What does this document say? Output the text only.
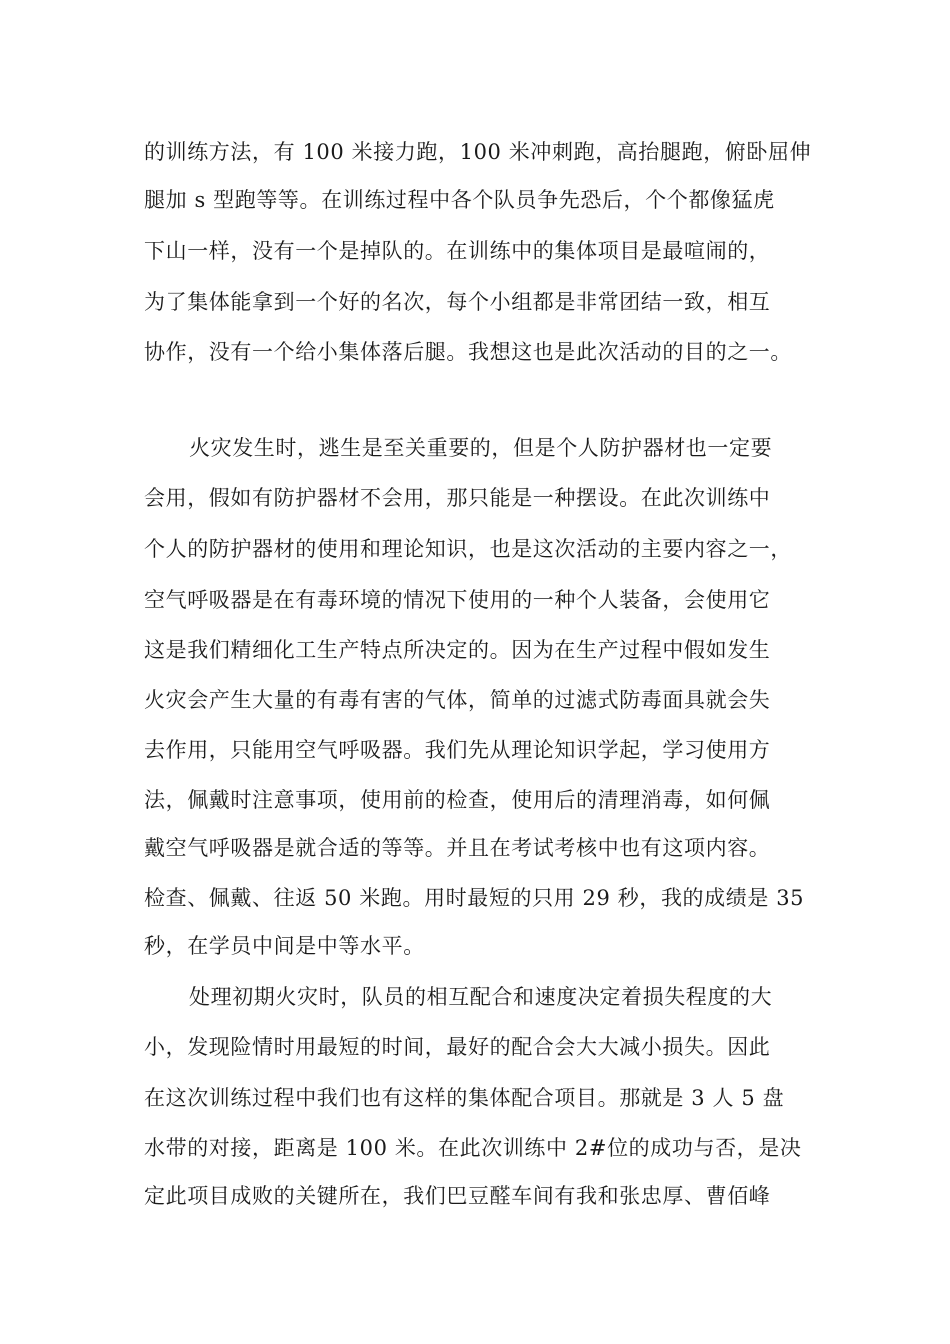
的训练方法，有 100 米接力跑，100 米冲刺跑，高抬腿跑，俯卧屈伸
腿加 s 型跑等等。在训练过程中各个队员争先恐后，个个都像猛虎
下山一样，没有一个是掉队的。在训练中的集体项目是最喧闹的，
为了集体能拿到一个好的名次，每个小组都是非常团结一致，相互
协作，没有一个给小集体落后腿。我想这也是此次活动的目的之一。
火灾发生时，逃生是至关重要的，但是个人防护器材也一定要
会用，假如有防护器材不会用，那只能是一种摆设。在此次训练中
个人的防护器材的使用和理论知识，也是这次活动的主要内容之一，
空气呼吸器是在有毒环境的情况下使用的一种个人装备，会使用它
这是我们精细化工生产特点所决定的。因为在生产过程中假如发生
火灾会产生大量的有毒有害的气体，简单的过滤式防毒面具就会失
去作用，只能用空气呼吸器。我们先从理论知识学起，学习使用方
法，佩戴时注意事项，使用前的检查，使用后的清理消毒，如何佩
戴空气呼吸器是就合适的等等。并且在考试考核中也有这项内容。
检查、佩戴、往返 50 米跑。用时最短的只用 29 秒，我的成绩是 35
秒，在学员中间是中等水平。
处理初期火灾时，队员的相互配合和速度决定着损失程度的大
小，发现险情时用最短的时间，最好的配合会大大减小损失。因此
在这次训练过程中我们也有这样的集体配合项目。那就是 3 人 5 盘
水带的对接，距离是 100 米。在此次训练中 2#位的成功与否，是决
定此项目成败的关键所在，我们巴豆醛车间有我和张忠厚、曹佰峰
